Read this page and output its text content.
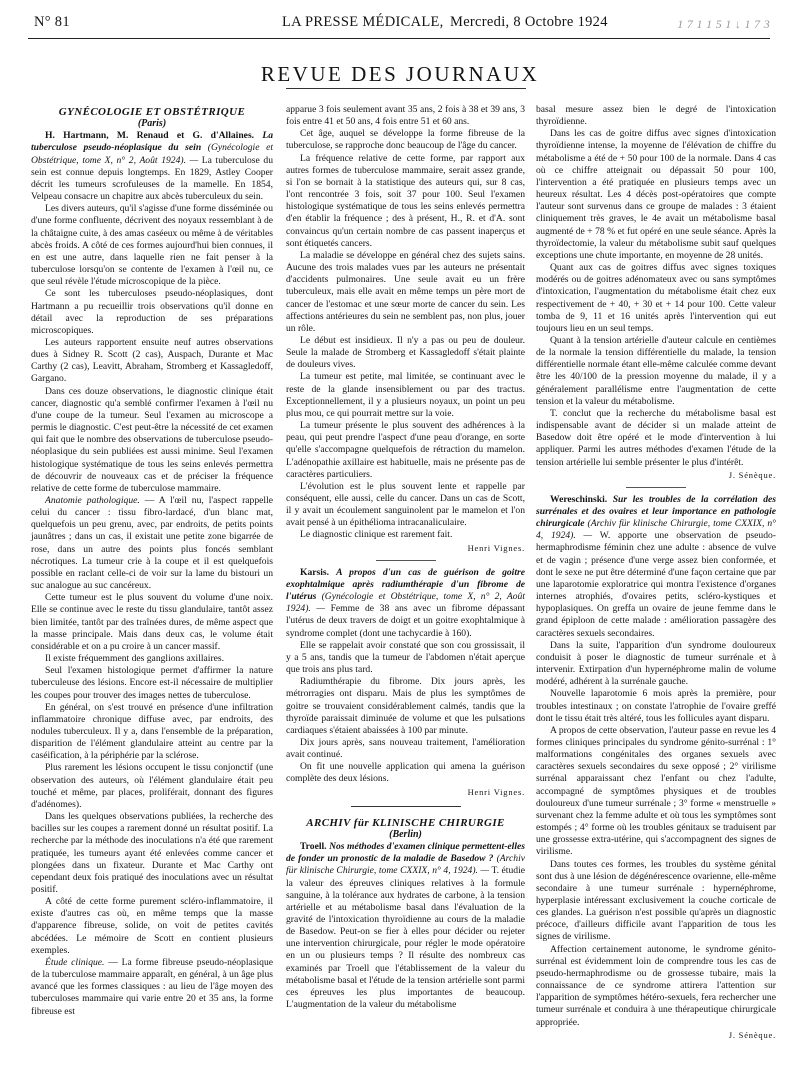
N° 81	LA PRESSE MÉDICALE, Mercredi, 8 Octobre 1924	1 7 1 1 5 1 ↓ 1 7 3
REVUE DES JOURNAUX

GYNÉCOLOGIE ET OBSTÉTRIQUE

(Paris)

H. Hartmann, M. Renaud et G. d'Allaines. La tuberculose pseudo-néoplasique du sein (Gynécologie et Obstétrique, tome X, n° 2, Août 1924). — La tuberculose du sein est connue depuis longtemps. En 1829, Astley Cooper décrit les tumeurs scrofuleuses de la mamelle. En 1854, Velpeau consacre un chapitre aux abcès tuberculeux du sein.

Les divers auteurs, qu'il s'agisse d'une forme disséminée ou d'une forme confluente, décrivent des noyaux ressemblant à de la châtaigne cuite, à des amas caséeux ou même à de véritables abcès froids. A côté de ces formes aujourd'hui bien connues, il en est une autre, dans laquelle rien ne fait penser à la tuberculose lorsqu'on se contente de l'examen à l'œil nu, ce que seul révèle l'étude microscopique de la pièce.

Ce sont les tuberculoses pseudo-néoplasiques, dont Hartmann a pu recueillir trois observations qu'il donne en détail avec la reproduction de ses préparations microscopiques.

Les auteurs rapportent ensuite neuf autres observations dues à Sidney R. Scott (2 cas), Auspach, Durante et Mac Carthy (2 cas), Leavitt, Abraham, Stromberg et Kassagledoff, Gargano.

Dans ces douze observations, le diagnostic clinique était cancer, diagnostic qu'a semblé confirmer l'examen à l'œil nu d'une coupe de la tumeur. Seul l'examen au microscope a permis le diagnostic. C'est peut-être la nécessité de cet examen qui fait que le nombre des observations de tuberculose pseudo-néoplasique du sein publiées est aussi minime. Seul l'examen histologique systématique de tous les seins enlevés permettra de découvrir de nouveaux cas et de préciser la fréquence relative de cette forme de tuberculose mammaire.

Anatomie pathologique. — A l'œil nu, l'aspect rappelle celui du cancer : tissu fibro-lardacé, d'un blanc mat, quelquefois un peu grenu, avec, par endroits, de petits points jaunâtres ; dans un cas, il existait une petite zone bigarrée de rose, dans un autre des points plus foncés semblant nécrotiques. La tumeur crie à la coupe et il est quelquefois possible en raclant celle-ci de voir sur la lame du bistouri un suc analogue au suc cancéreux.

Cette tumeur est le plus souvent du volume d'une noix. Elle se continue avec le reste du tissu glandulaire, tantôt assez bien limitée, tantôt par des traînées dures, de même aspect que la masse principale. Mais dans deux cas, le volume était considérable et on a pu croire à un cancer massif.

Il existe fréquemment des ganglions axillaires.

Seul l'examen histologique permet d'affirmer la nature tuberculeuse des lésions. Encore est-il nécessaire de multiplier les coupes pour trouver des images nettes de tuberculose.

En général, on s'est trouvé en présence d'une infiltration inflammatoire chronique diffuse avec, par endroits, des nodules tuberculeux. Il y a, dans l'ensemble de la préparation, disparition de l'élément glandulaire atteint au centre par la caséification, à la périphérie par la sclérose.

Plus rarement les lésions occupent le tissu conjonctif (une observation des auteurs, où l'élément glandulaire était peu touché et même, par places, proliférait, donnant des figures d'adénomes).

Dans les quelques observations publiées, la recherche des bacilles sur les coupes a rarement donné un résultat positif. La recherche par la méthode des inoculations n'a été que rarement pratiquée, les tumeurs ayant été enlevées comme cancer et plongées dans un fixateur. Durante et Mac Carthy ont cependant deux fois pratiqué des inoculations avec un résultat positif.

A côté de cette forme purement scléro-inflammatoire, il existe d'autres cas où, en même temps que la masse d'apparence fibreuse, solide, on voit de petites cavités abcédées. Le mémoire de Scott en contient plusieurs exemples.

Étude clinique. — La forme fibreuse pseudo-néoplasique de la tuberculose mammaire apparaît, en général, à un âge plus avancé que les formes classiques : au lieu de l'âge moyen des tuberculoses mammaire qui varie entre 20 et 35 ans, la forme fibreuse est

apparue 3 fois seulement avant 35 ans, 2 fois à 38 et 39 ans, 3 fois entre 41 et 50 ans, 4 fois entre 51 et 60 ans.

Cet âge, auquel se développe la forme fibreuse de la tuberculose, se rapproche donc beaucoup de l'âge du cancer.

La fréquence relative de cette forme, par rapport aux autres formes de tuberculose mammaire, serait assez grande, si l'on se bornait à la statistique des auteurs qui, sur 8 cas, l'ont rencontrée 3 fois, soit 37 pour 100. Seul l'examen histologique systématique de tous les seins enlevés permettra d'en établir la fréquence ; des à présent, H., R. et d'A. sont convaincus qu'un certain nombre de cas passent inaperçus et sont étiquetés cancers.

La maladie se développe en général chez des sujets sains. Aucune des trois malades vues par les auteurs ne présentait d'accidents pulmonaires. Une seule avait eu un frère tuberculeux, mais elle avait en même temps un père mort de cancer de l'estomac et une sœur morte de cancer du sein. Les affections antérieures du sein ne semblent pas, non plus, jouer un rôle.

Le début est insidieux. Il n'y a pas ou peu de douleur. Seule la malade de Stromberg et Kassagledoff s'était plainte de douleurs vives.

La tumeur est petite, mal limitée, se continuant avec le reste de la glande insensiblement ou par des tractus. Exceptionnellement, il y a plusieurs noyaux, un point un peu plus mou, ce qui pourrait mettre sur la voie.

La tumeur présente le plus souvent des adhérences à la peau, qui peut prendre l'aspect d'une peau d'orange, en sorte qu'elle s'accompagne quelquefois de rétraction du mamelon. L'adénopathie axillaire est habituelle, mais ne présente pas de caractères particuliers.

L'évolution est le plus souvent lente et rappelle par conséquent, elle aussi, celle du cancer. Dans un cas de Scott, il y avait un écoulement sanguinolent par le mamelon et l'on avait pensé à un épithélioma intracanaliculaire.

Le diagnostic clinique est rarement fait.

Henri Vignes.

Karsis. A propos d'un cas de guérison de goitre exophtalmique après radiumthérapie d'un fibrome de l'utérus (Gynécologie et Obstétrique, tome X, n° 2, Août 1924). — Femme de 38 ans avec un fibrome dépassant l'utérus de deux travers de doigt et un goitre exophtalmique à syndrome complet (dont une tachycardie à 160).

Elle se rappelait avoir constaté que son cou grossissait, il y a 5 ans, tandis que la tumeur de l'abdomen n'était aperçue que trois ans plus tard.

Radiumthérapie du fibrome. Dix jours après, les métrorragies ont disparu. Mais de plus les symptômes de goitre se trouvaient considérablement calmés, tandis que la thyroïde paraissait diminuée de volume et que les pulsations cardiaques s'étaient abaissées à 100 par minute.

Dix jours après, sans nouveau traitement, l'amélioration avait continué.

On fit une nouvelle application qui amena la guérison complète des deux lésions.

Henri Vignes.

ARCHIV für KLINISCHE CHIRURGIE

(Berlin)

Troell. Nos méthodes d'examen clinique permettent-elles de fonder un pronostic de la maladie de Basedow ? (Archiv für klinische Chirurgie, tome CXXIX, n° 4, 1924). — T. étudie la valeur des épreuves cliniques relatives à la formule sanguine, à la tolérance aux hydrates de carbone, à la tension artérielle et au métabolisme basal dans l'évaluation de la gravité de l'intoxication thyroïdienne au cours de la maladie de Basedow. Peut-on se fier à elles pour décider ou rejeter une intervention chirurgicale, pour régler le mode opératoire en un ou plusieurs temps ? Il résulte des nombreux cas examinés par Troell que l'établissement de la valeur du métabolisme basal et l'étude de la tension artérielle sont parmi ces épreuves les plus importantes de beaucoup. L'augmentation de la valeur du métabolisme

basal mesure assez bien le degré de l'intoxication thyroïdienne.

Dans les cas de goitre diffus avec signes d'intoxication thyroïdienne intense, la moyenne de l'élévation de chiffre du métabolisme a été de + 50 pour 100 de la normale. Dans 4 cas où ce chiffre atteignait ou dépassait 50 pour 100, l'intervention a été pratiquée en plusieurs temps avec un heureux résultat. Les 4 décès post-opératoires que compte l'auteur sont survenus dans ce groupe de malades : 3 étaient cliniquement très graves, le 4e avait un métabolisme basal augmenté de + 78 % et fut opéré en une seule séance. Après la thyroïdectomie, la valeur du métabolisme subit sauf quelques exceptions une chute importante, en moyenne de 28 unités.

Quant aux cas de goitres diffus avec signes toxiques modérés ou de goitres adénomateux avec ou sans symptômes d'intoxication, l'augmentation du métabolisme était chez eux respectivement de + 40, + 30 et + 14 pour 100. Cette valeur tomba de 9, 11 et 16 unités après l'intervention qui eut toujours lieu en un seul temps.

Quant à la tension artérielle d'auteur calcule en centièmes de la normale la tension différentielle du malade, la tension différentielle normale étant elle-même calculée comme devant être les 40/100 de la pression moyenne du malade, il y a généralement parallélisme entre l'augmentation de cette tension et la valeur du métabolisme.

T. conclut que la recherche du métabolisme basal est indispensable avant de décider si un malade atteint de Basedow doit être opéré et le mode d'intervention à lui appliquer. Parmi les autres méthodes d'examen l'étude de la tension artérielle lui semble présenter le plus d'intérêt.

J. Sénèque.

Wereschinski. Sur les troubles de la corrélation des surrénales et des ovaires et leur importance en pathologie chirurgicale (Archiv für klinische Chirurgie, tome CXXIX, n° 4, 1924). — W. apporte une observation de pseudo-hermaphrodisme féminin chez une adulte : absence de vulve et de vagin ; présence d'une verge assez bien conformée, et dont le sexe ne put être déterminé d'une façon certaine que par une laparotomie exploratrice qui montra l'existence d'organes internes atrophiés, d'ovaires petits, scléro-kystiques et hypoplasiques. On greffa un ovaire de jeune femme dans le grand épiploon de cette malade : amélioration passagère des caractères sexuels secondaires.

Dans la suite, l'apparition d'un syndrome douloureux conduisit à poser le diagnostic de tumeur surrénale et à intervenir. Extirpation d'un hypernéphrome malin de volume modéré, adhérent à la surrénale gauche.

Nouvelle laparotomie 6 mois après la première, pour troubles intestinaux ; on constate l'atrophie de l'ovaire greffé dont le tissu était très altéré, tous les follicules ayant disparu.

A propos de cette observation, l'auteur passe en revue les 4 formes cliniques principales du syndrome génito-surrénal : 1° malformations congénitales des organes sexuels avec caractères sexuels secondaires du sexe opposé ; 2° virilisme surrénal apparaissant chez l'enfant ou chez l'adulte, accompagné de symptômes physiques et de troubles douloureux d'une tumeur surrénale ; 3° forme « menstruelle » survenant chez la femme adulte et où tous les symptômes sont estompés ; 4° forme où les troubles génitaux se traduisent par une grossesse extra-utérine, qui s'accompagnent des signes de virilisme.

Dans toutes ces formes, les troubles du système génital sont dus à une lésion de dégénérescence ovarienne, elle-même secondaire à une tumeur surrénale : hypernéphrome, hyperplasie intéressant exclusivement la couche corticale de ces glandes. La guérison n'est possible qu'après un diagnostic précoce, d'ailleurs difficile avant l'apparition de tous les signes de virilisme.

Affection certainement autonome, le syndrome génito-surrénal est évidemment loin de comprendre tous les cas de pseudo-hermaphrodisme ou de grossesse tubaire, mais la connaissance de ce syndrome attirera l'attention sur l'apparition de symptômes hétéro-sexuels, fera rechercher une tumeur surrénale et conduira à une thérapeutique chirurgicale appropriée.

J. Sénèque.
